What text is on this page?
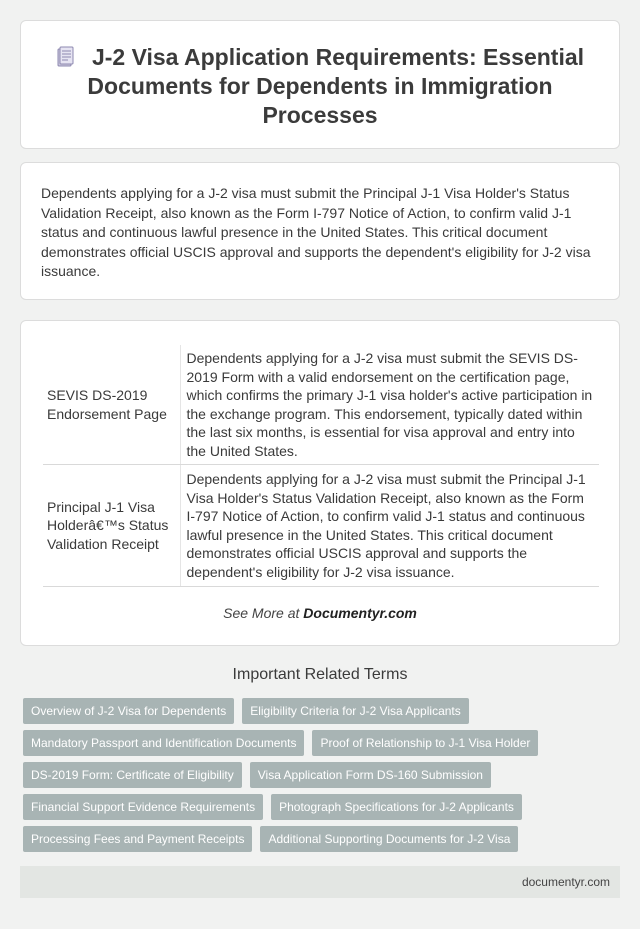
J-2 Visa Application Requirements: Essential Documents for Dependents in Immigration Processes

Dependents applying for a J-2 visa must submit the Principal J-1 Visa Holder's Status Validation Receipt, also known as the Form I-797 Notice of Action, to confirm valid J-1 status and continuous lawful presence in the United States. This critical document demonstrates official USCIS approval and supports the dependent's eligibility for J-2 visa issuance.

SEVIS DS-2019 Endorsement Page	Dependents applying for a J-2 visa must submit the SEVIS DS-2019 Form with a valid endorsement on the certification page, which confirms the primary J-1 visa holder's active participation in the exchange program. This endorsement, typically dated within the last six months, is essential for visa approval and entry into the United States.
Principal J-1 Visa Holderâ€™s Status Validation Receipt	Dependents applying for a J-2 visa must submit the Principal J-1 Visa Holder's Status Validation Receipt, also known as the Form I-797 Notice of Action, to confirm valid J-1 status and continuous lawful presence in the United States. This critical document demonstrates official USCIS approval and supports the dependent's eligibility for J-2 visa issuance.
See More at Documentyr.com
Important Related Terms
Overview of J-2 Visa for Dependents	Eligibility Criteria for J-2 Visa Applicants
Mandatory Passport and Identification Documents	Proof of Relationship to J-1 Visa Holder
DS-2019 Form: Certificate of Eligibility	Visa Application Form DS-160 Submission
Financial Support Evidence Requirements	Photograph Specifications for J-2 Applicants
Processing Fees and Payment Receipts	Additional Supporting Documents for J-2 Visa
documentyr.com
